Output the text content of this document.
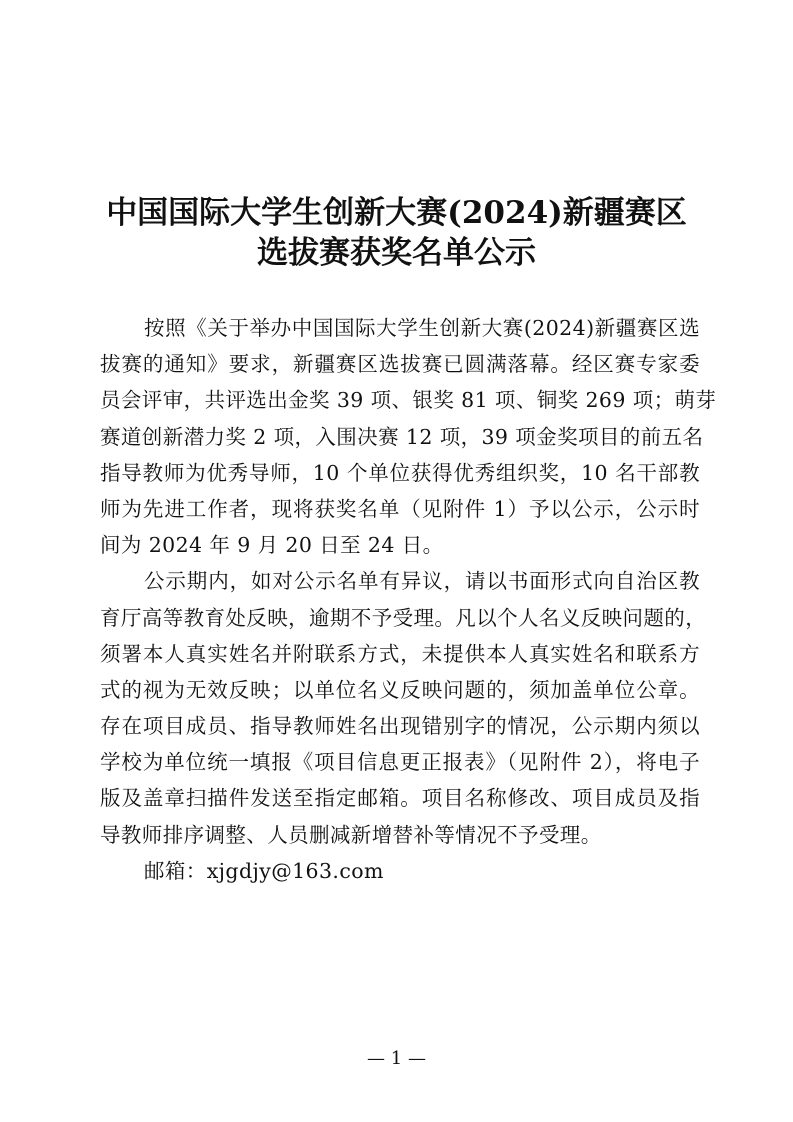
中国国际大学生创新大赛(2024)新疆赛区
选拔赛获奖名单公示
按照《关于举办中国国际大学生创新大赛(2024)新疆赛区选
拔赛的通知》要求，新疆赛区选拔赛已圆满落幕。经区赛专家委
员会评审，共评选出金奖 39 项、银奖 81 项、铜奖 269 项；萌芽
赛道创新潜力奖 2 项，入围决赛 12 项，39 项金奖项目的前五名
指导教师为优秀导师，10 个单位获得优秀组织奖，10 名干部教
师为先进工作者，现将获奖名单（见附件 1）予以公示，公示时
间为 2024 年 9 月 20 日至 24 日。
公示期内，如对公示名单有异议，请以书面形式向自治区教
育厅高等教育处反映，逾期不予受理。凡以个人名义反映问题的，
须署本人真实姓名并附联系方式，未提供本人真实姓名和联系方
式的视为无效反映；以单位名义反映问题的，须加盖单位公章。
存在项目成员、指导教师姓名出现错别字的情况，公示期内须以
学校为单位统一填报《项目信息更正报表》（见附件 2），将电子
版及盖章扫描件发送至指定邮箱。项目名称修改、项目成员及指
导教师排序调整、人员删减新增替补等情况不予受理。
邮箱：xjgdjy@163.com
— 1 —
